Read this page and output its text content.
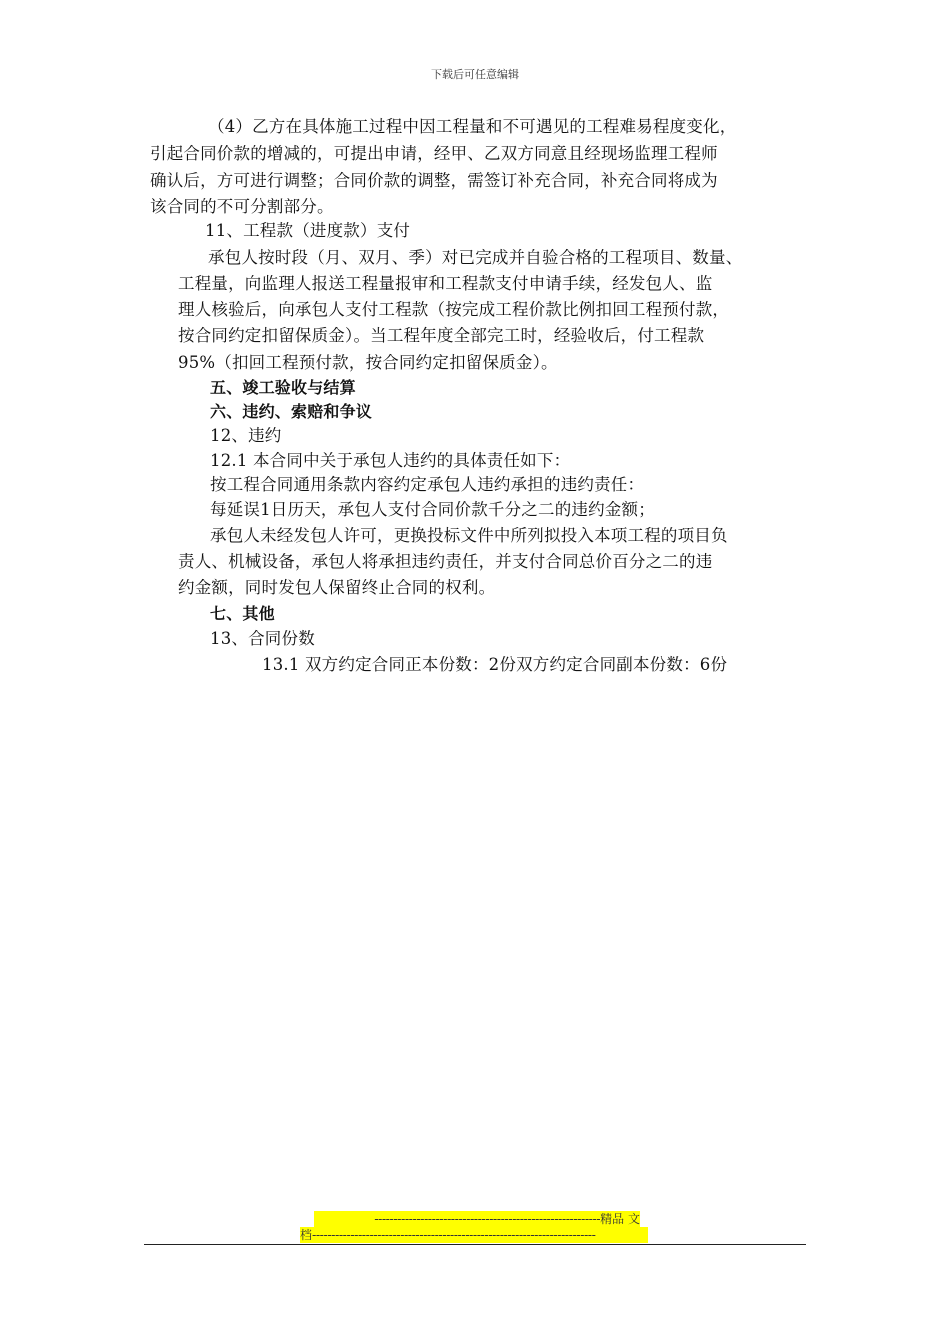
下载后可任意编辑
（4）乙方在具体施工过程中因工程量和不可遇见的工程难易程度变化，
引起合同价款的增减的，可提出申请，经甲、乙双方同意且经现场监理工程师
确认后，方可进行调整；合同价款的调整，需签订补充合同，补充合同将成为
该合同的不可分割部分。
11、工程款（进度款）支付
承包人按时段（月、双月、季）对已完成并自验合格的工程项目、数量、
工程量，向监理人报送工程量报审和工程款支付申请手续，经发包人、监
理人核验后，向承包人支付工程款（按完成工程价款比例扣回工程预付款，
按合同约定扣留保质金）。当工程年度全部完工时，经验收后，付工程款
95%（扣回工程预付款，按合同约定扣留保质金）。
五、竣工验收与结算
六、违约、索赔和争议
12、违约
12.1 本合同中关于承包人违约的具体责任如下：
按工程合同通用条款内容约定承包人违约承担的违约责任：
每延误1日历天，承包人支付合同价款千分之二的违约金额；
承包人未经发包人许可，更换投标文件中所列拟投入本项工程的项目负
责人、机械设备，承包人将承担违约责任，并支付合同总价百分之二的违
约金额，同时发包人保留终止合同的权利。
七、其他
13、合同份数
13.1 双方约定合同正本份数：2份双方约定合同副本份数：6份
-----------------------------------------------------------精品 文
档--------------------------------------------------------------------------
